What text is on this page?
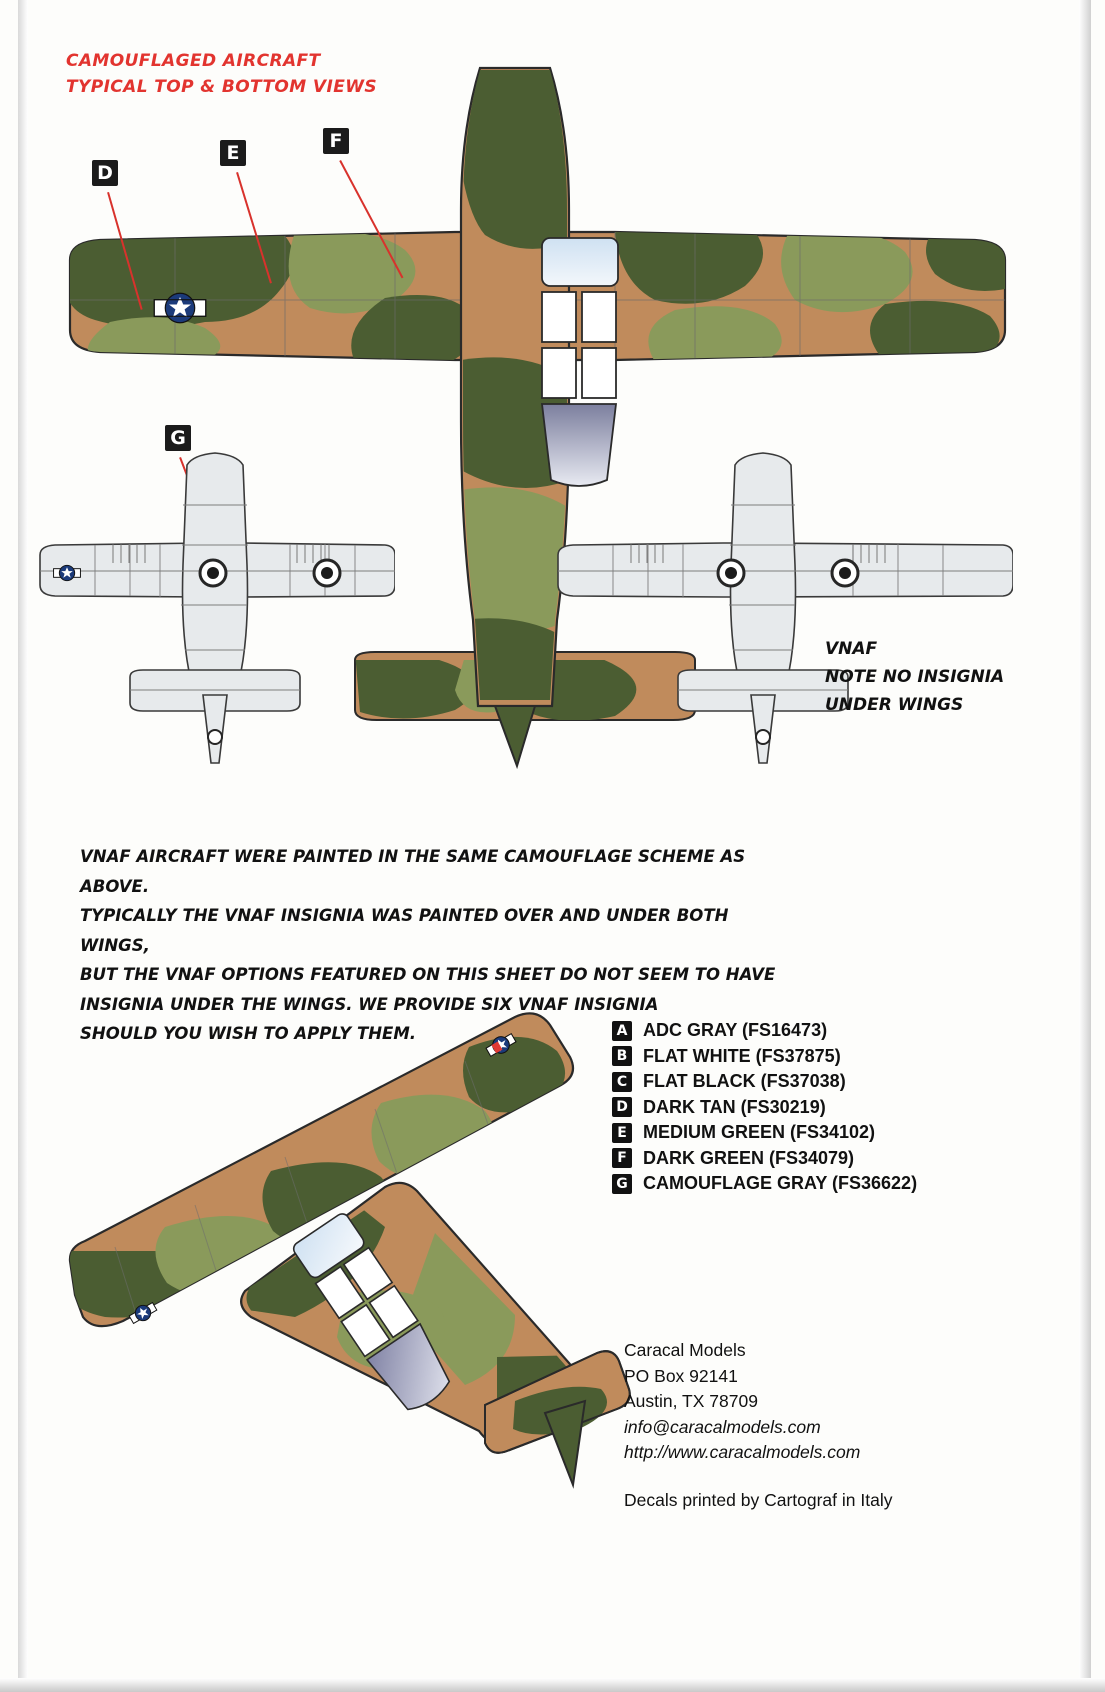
CAMOUFLAGED AIRCRAFT
TYPICAL TOP & BOTTOM VIEWS
D
E
F
G
VNAF
NOTE NO INSIGNIA
UNDER WINGS
VNAF AIRCRAFT WERE PAINTED IN THE SAME CAMOUFLAGE SCHEME AS ABOVE.
TYPICALLY THE VNAF INSIGNIA WAS PAINTED OVER AND UNDER BOTH WINGS,
BUT THE VNAF OPTIONS FEATURED ON THIS SHEET DO NOT SEEM TO HAVE
INSIGNIA UNDER THE WINGS. WE PROVIDE SIX VNAF INSIGNIA
SHOULD YOU WISH TO APPLY THEM.	A ADC GRAY (FS16473)
B FLAT WHITE (FS37875)
C FLAT BLACK (FS37038)
D DARK TAN (FS30219)
E MEDIUM GREEN (FS34102)
F DARK GREEN (FS34079)
G CAMOUFLAGE GRAY (FS36622)
Caracal Models
PO Box 92141
Austin, TX 78709
info@caracalmodels.com
http://www.caracalmodels.com
Decals printed by Cartograf in Italy
